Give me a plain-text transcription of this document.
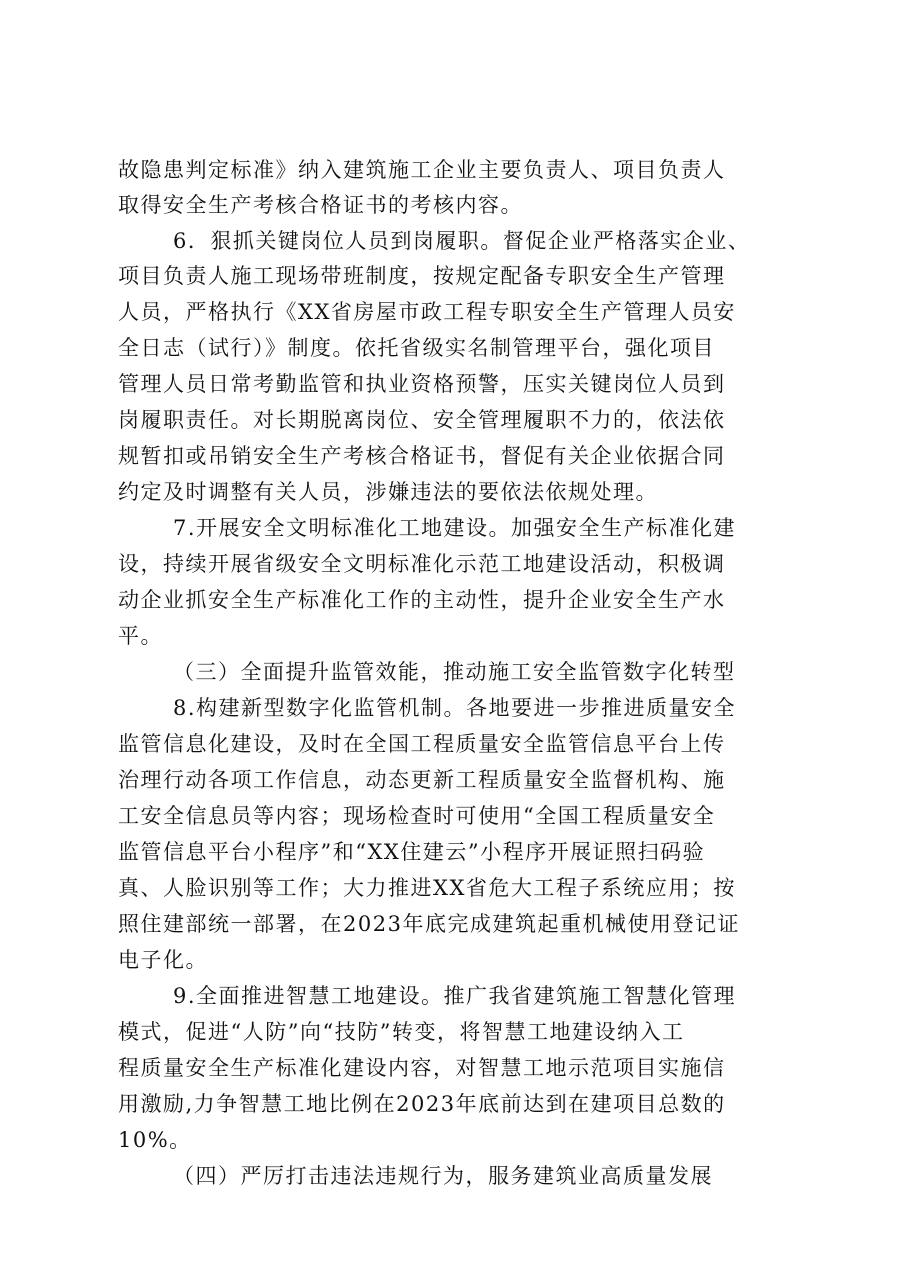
故隐患判定标准》纳入建筑施工企业主要负责人、项目负责人
取得安全生产考核合格证书的考核内容。
6．狠抓关键岗位人员到岗履职。督促企业严格落实企业、
项目负责人施工现场带班制度，按规定配备专职安全生产管理
人员，严格执行《XX省房屋市政工程专职安全生产管理人员安
全日志（试行）》制度。依托省级实名制管理平台，强化项目
管理人员日常考勤监管和执业资格预警，压实关键岗位人员到
岗履职责任。对长期脱离岗位、安全管理履职不力的，依法依
规暂扣或吊销安全生产考核合格证书，督促有关企业依据合同
约定及时调整有关人员，涉嫌违法的要依法依规处理。
7.开展安全文明标准化工地建设。加强安全生产标准化建
设，持续开展省级安全文明标准化示范工地建设活动，积极调
动企业抓安全生产标准化工作的主动性，提升企业安全生产水
平。
（三）全面提升监管效能，推动施工安全监管数字化转型
8.构建新型数字化监管机制。各地要进一步推进质量安全
监管信息化建设，及时在全国工程质量安全监管信息平台上传
治理行动各项工作信息，动态更新工程质量安全监督机构、施
工安全信息员等内容；现场检查时可使用“全国工程质量安全
监管信息平台小程序”和“XX住建云”小程序开展证照扫码验
真、人脸识别等工作；大力推进XX省危大工程子系统应用；按
照住建部统一部署，在2023年底完成建筑起重机械使用登记证
电子化。
9.全面推进智慧工地建设。推广我省建筑施工智慧化管理
模式，促进“人防”向“技防”转变，将智慧工地建设纳入工
程质量安全生产标准化建设内容，对智慧工地示范项目实施信
用激励,力争智慧工地比例在2023年底前达到在建项目总数的
10%。
（四）严厉打击违法违规行为，服务建筑业高质量发展
